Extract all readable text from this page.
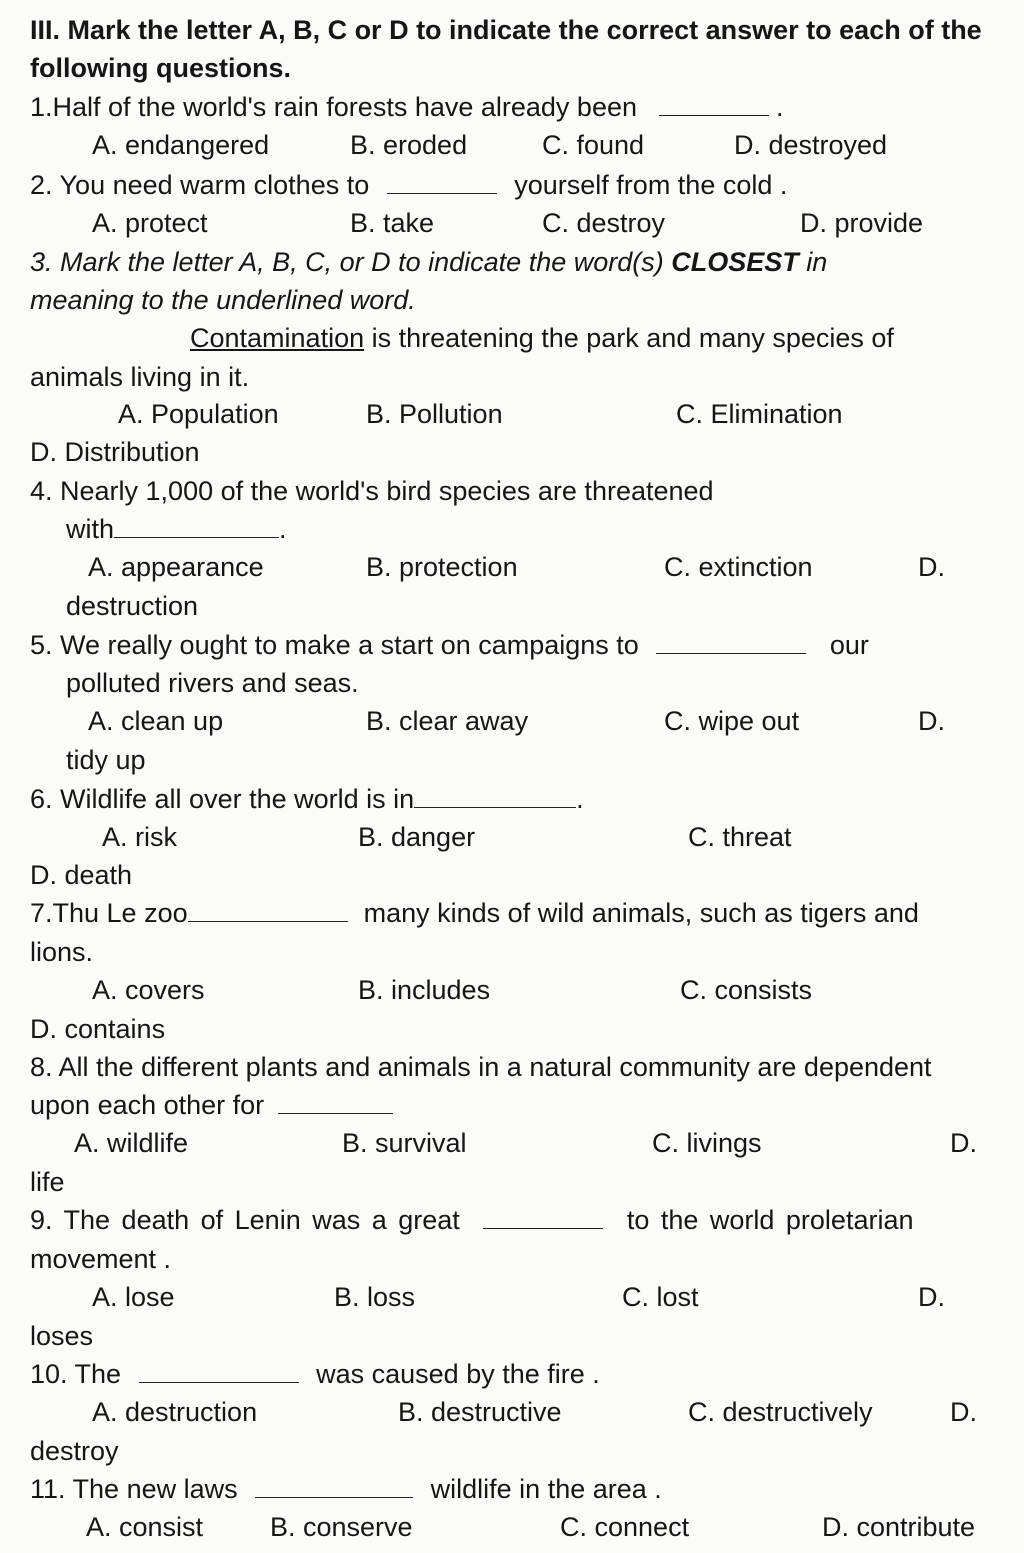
III. Mark the letter A, B, C or D to indicate the correct answer to each of the
following questions.
1.Half of the world's rain forests have already been	.
A. endangered	B. eroded	C. found	D. destroyed
2. You need warm clothes to	yourself from the cold .
A. protect	B. take	C. destroy	D. provide
3. Mark the letter A, B, C, or D to indicate the word(s) CLOSEST in
meaning to the underlined word.
Contamination is threatening the park and many species of
animals living in it.
A. Population	B. Pollution	C. Elimination
D. Distribution
4. Nearly 1,000 of the world's bird species are threatened
with	.
A. appearance	B. protection	C. extinction	D.
destruction
5. We really ought to make a start on campaigns to	our
polluted rivers and seas.
A. clean up	B. clear away	C. wipe out	D.
tidy up
6. Wildlife all over the world is in	.
A. risk	B. danger	C. threat
D. death
7.Thu Le zoo	many kinds of wild animals, such as tigers and
lions.
A. covers	B. includes	C. consists
D. contains
8. All the different plants and animals in a natural community are dependent
upon each other for
A. wildlife	B. survival	C. livings	D.
life
9. The death of Lenin was a great	to the world proletarian
movement .
A. lose	B. loss	C. lost	D.
loses
10. The	was caused by the fire .
A. destruction	B. destructive	C. destructively	D.
destroy
11. The new laws	wildlife in the area .
A. consist B. conserve	C. connect	D. contribute
